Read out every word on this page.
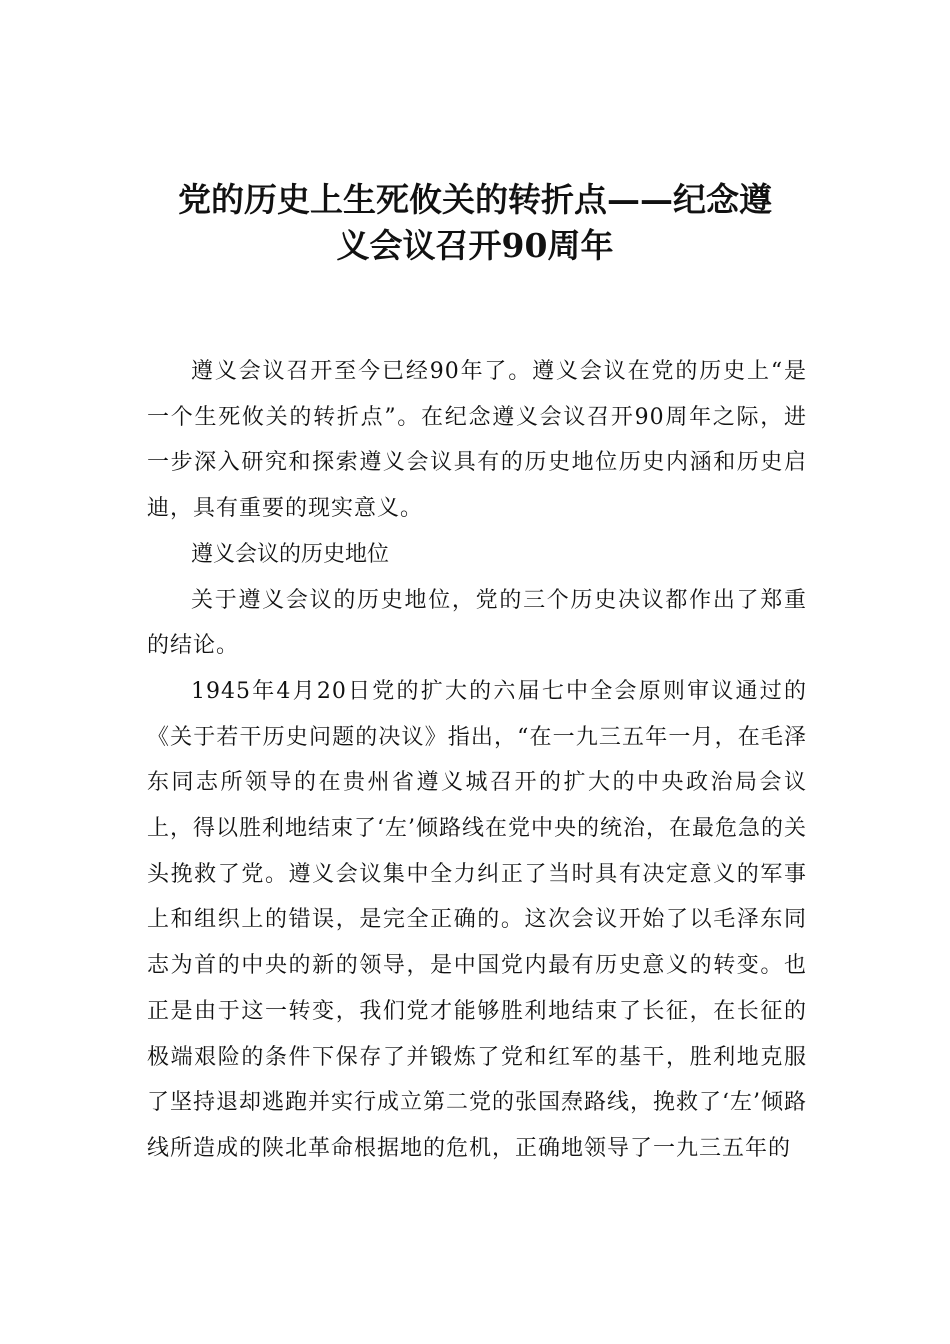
党的历史上生死攸关的转折点——纪念遵
义会议召开90周年

遵义会议召开至今已经90年了。遵义会议在党的历史上“是一个生死攸关的转折点”。在纪念遵义会议召开90周年之际，进一步深入研究和探索遵义会议具有的历史地位历史内涵和历史启迪，具有重要的现实意义。

遵义会议的历史地位

关于遵义会议的历史地位，党的三个历史决议都作出了郑重的结论。

1945年4月20日党的扩大的六届七中全会原则审议通过的《关于若干历史问题的决议》指出，“在一九三五年一月，在毛泽东同志所领导的在贵州省遵义城召开的扩大的中央政治局会议上，得以胜利地结束了‘左’倾路线在党中央的统治，在最危急的关头挽救了党。遵义会议集中全力纠正了当时具有决定意义的军事上和组织上的错误，是完全正确的。这次会议开始了以毛泽东同志为首的中央的新的领导，是中国党内最有历史意义的转变。也正是由于这一转变，我们党才能够胜利地结束了长征，在长征的极端艰险的条件下保存了并锻炼了党和红军的基干，胜利地克服了坚持退却逃跑并实行成立第二党的张国焘路线，挽救了‘左’倾路线所造成的陕北革命根据地的危机，正确地领导了一九三五年的
